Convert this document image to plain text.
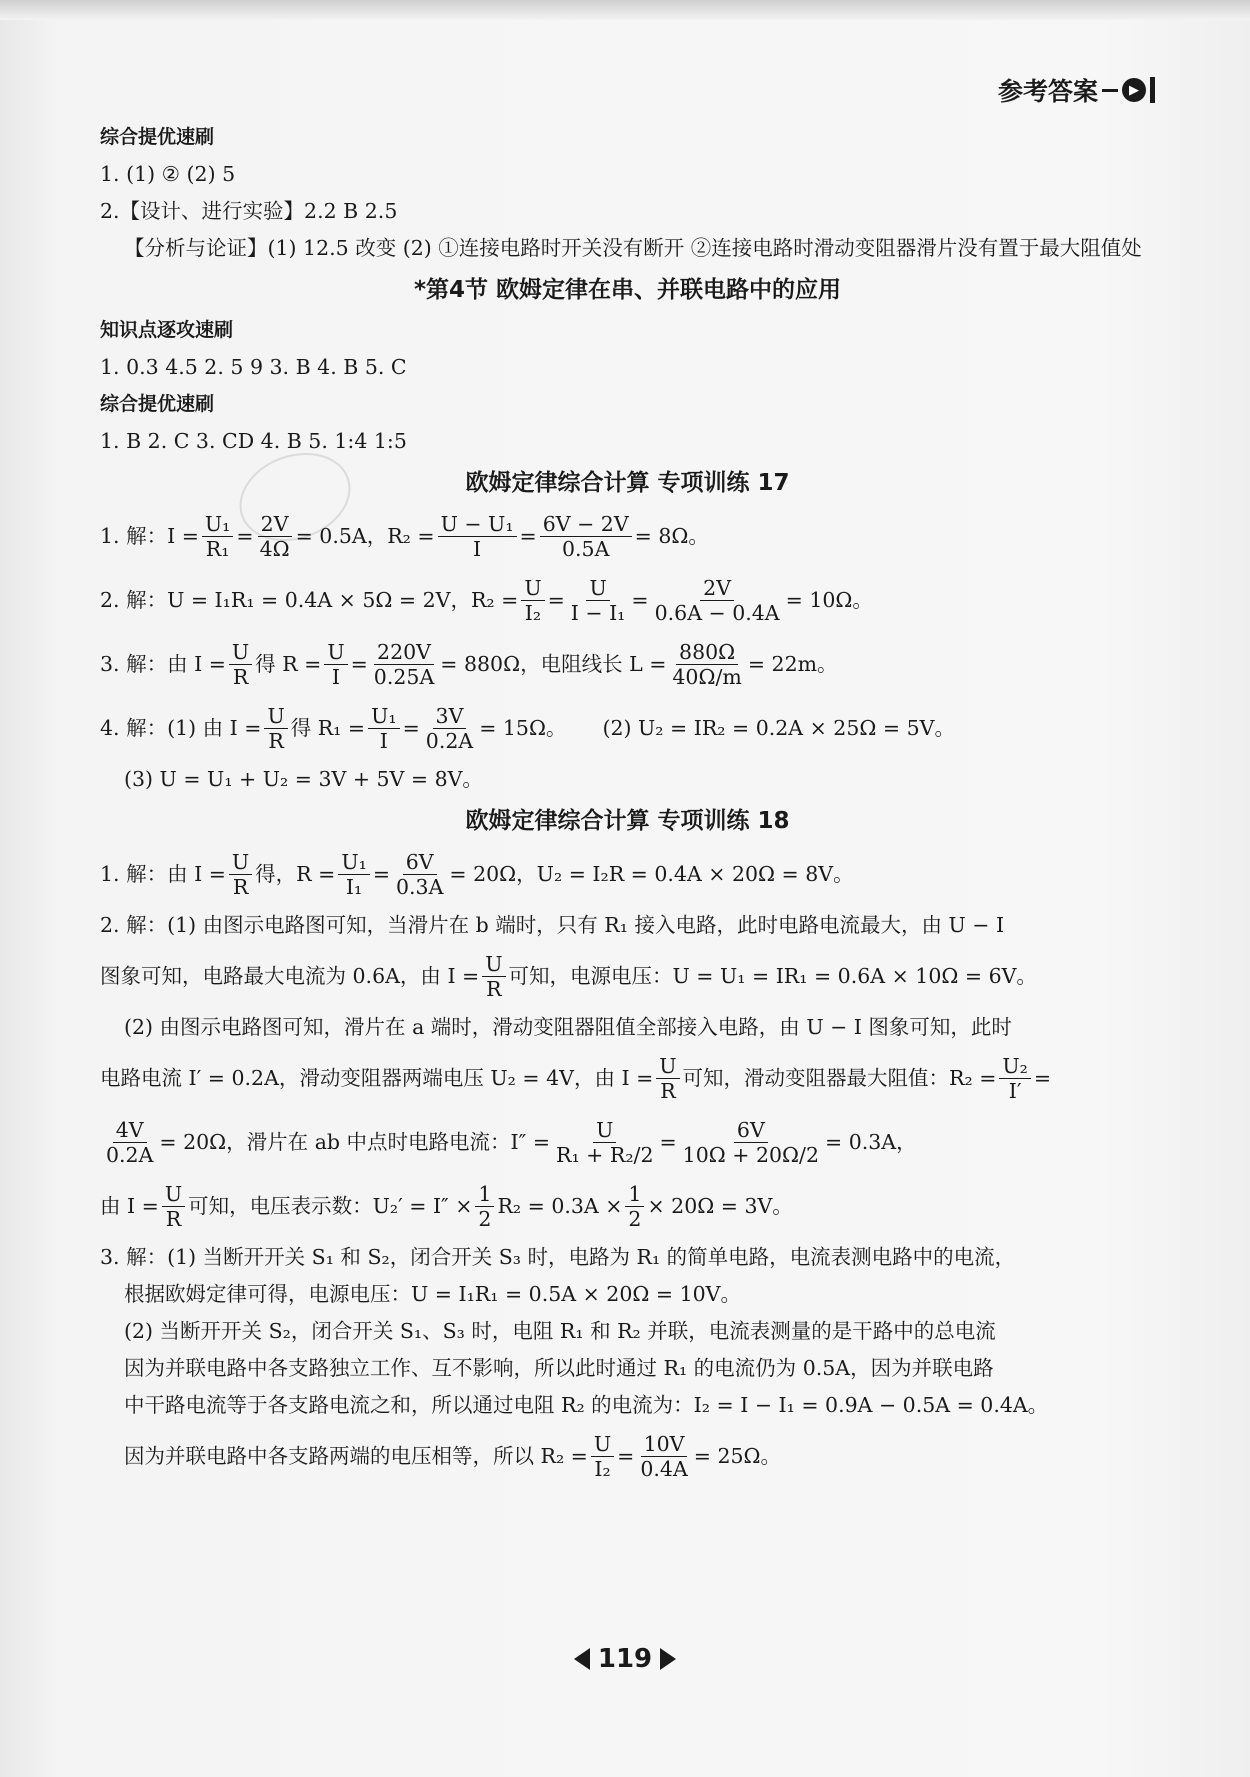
参考答案	▶
综合提优速刷
1. (1) ② (2) 5
2.【设计、进行实验】2.2 B 2.5
【分析与论证】(1) 12.5 改变 (2) ①连接电路时开关没有断开 ②连接电路时滑动变阻器滑片没有置于最大阻值处
*第4节 欧姆定律在串、并联电路中的应用
知识点逐攻速刷
1. 0.3 4.5 2. 5 9 3. B 4. B 5. C
综合提优速刷
1. B 2. C 3. CD 4. B 5. 1:4 1:5
欧姆定律综合计算 专项训练 17
1. 解： $I = \frac{\text{U₁}}{\text{R₁}} = \frac{2V}{4\Omega} = 0.5A$，$R_2 = \frac{\text{U − U₁}}{I} = \frac{6V - 2V}{0.5A} = 8\Omega$。
2. 解：U = I₁R₁ = 0.4A × 5Ω = 2V，$R_2 = \frac{U}{\text{I₂}} = \frac{U}{\text{I − I₁}} = \frac{2V}{0.6A - 0.4A} = 10\Omega$。
3. 解：由 $I = \frac{U}{R}$ 得 $R = \frac{U}{I} = \frac{220V}{0.25A} = 880\Omega$，电阻线长 $L = \frac{880\Omega}{40\Omega/m} = 22m$。
4. 解：(1) 由 $I = \frac{U}{R}$ 得 $R_1 = \frac{\text{U₁}}{I} = \frac{3V}{0.2A} = 15\Omega$。 (2) U₂ = IR₂ = 0.2A × 25Ω = 5V。
(3) U = U₁ + U₂ = 3V + 5V = 8V。
欧姆定律综合计算 专项训练 18
1. 解：由 $I = \frac{U}{R}$ 得，$R = \frac{\text{U₁}}{\text{I₁}} = \frac{6V}{0.3A} = 20\Omega$，U₂ = I₂R = 0.4A × 20Ω = 8V。
2. 解：(1) 由图示电路图可知，当滑片在 b 端时，只有 R₁ 接入电路，此时电路电流最大，由 U − I
图象可知，电路最大电流为 0.6A，由 $I = \frac{U}{R}$ 可知，电源电压：U = U₁ = IR₁ = 0.6A × 10Ω = 6V。
(2) 由图示电路图可知，滑片在 a 端时，滑动变阻器阻值全部接入电路，由 U − I 图象可知，此时
电路电流 I′ = 0.2A，滑动变阻器两端电压 U₂ = 4V，由 $I = \frac{U}{R}$ 可知，滑动变阻器最大阻值：$R_2 = \frac{\text{U₂}}{I'}$ =
$\frac{4V}{0.2A} = 20\Omega$，滑片在 ab 中点时电路电流：$I'' = \frac{U}{\text{R₁ + R₂/2}} = \frac{6V}{10\Omega + 20\Omega/2} = 0.3A$，
由 $I = \frac{U}{R}$ 可知，电压表示数：$U_2' = I'' \times \frac{1}{2} R_2 = 0.3A \times \frac{1}{2} \times 20\Omega = 3V$。
3. 解：(1) 当断开开关 S₁ 和 S₂，闭合开关 S₃ 时，电路为 R₁ 的简单电路，电流表测电路中的电流，
根据欧姆定律可得，电源电压：U = I₁R₁ = 0.5A × 20Ω = 10V。
(2) 当断开开关 S₂，闭合开关 S₁、S₃ 时，电阻 R₁ 和 R₂ 并联，电流表测量的是干路中的总电流
因为并联电路中各支路独立工作、互不影响，所以此时通过 R₁ 的电流仍为 0.5A，因为并联电路
中干路电流等于各支路电流之和，所以通过电阻 R₂ 的电流为：I₂ = I − I₁ = 0.9A − 0.5A = 0.4A。
因为并联电路中各支路两端的电压相等，所以 $R_2 = \frac{U}{\text{I₂}} = \frac{10V}{0.4A} = 25\Omega$。
119
